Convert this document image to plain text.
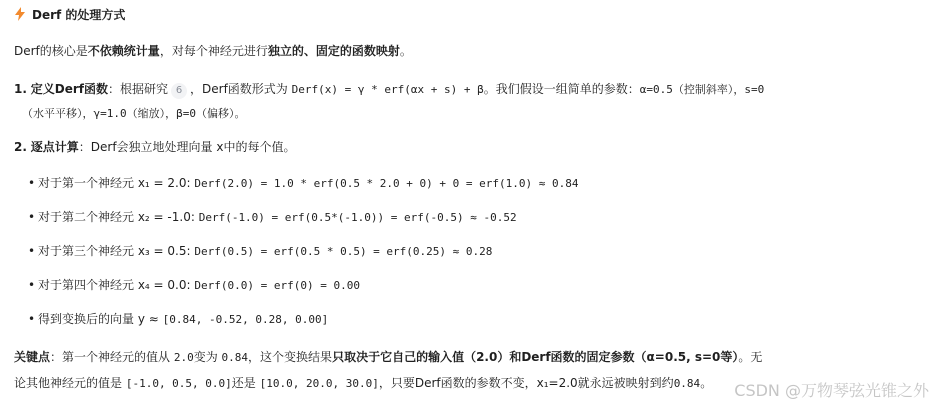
Derf 的处理方式
Derf的核心是不依赖统计量，对每个神经元进行独立的、固定的函数映射。
1. 定义Derf函数：根据研究 6 ，Derf函数形式为 Derf(x) = γ * erf(αx + s) + β。我们假设一组简单的参数：α=0.5（控制斜率），s=0
（水平平移），γ=1.0（缩放），β=0（偏移）。
2. 逐点计算：Derf会独立地处理向量 x中的每个值。
• 对于第一个神经元 x₁ = 2.0: Derf(2.0) = 1.0 * erf(0.5 * 2.0 + 0) + 0 = erf(1.0) ≈ 0.84
• 对于第二个神经元 x₂ = -1.0: Derf(-1.0) = erf(0.5*(-1.0)) = erf(-0.5) ≈ -0.52
• 对于第三个神经元 x₃ = 0.5: Derf(0.5) = erf(0.5 * 0.5) = erf(0.25) ≈ 0.28
• 对于第四个神经元 x₄ = 0.0: Derf(0.0) = erf(0) = 0.00
• 得到变换后的向量 y ≈ [0.84, -0.52, 0.28, 0.00]
关键点：第一个神经元的值从 2.0变为 0.84，这个变换结果只取决于它自己的输入值（2.0）和Derf函数的固定参数（α=0.5, s=0等）。无
论其他神经元的值是 [-1.0, 0.5, 0.0]还是 [10.0, 20.0, 30.0]，只要Derf函数的参数不变，x₁=2.0就永远被映射到约0.84。 CSDN @万物琴弦光锥之外
